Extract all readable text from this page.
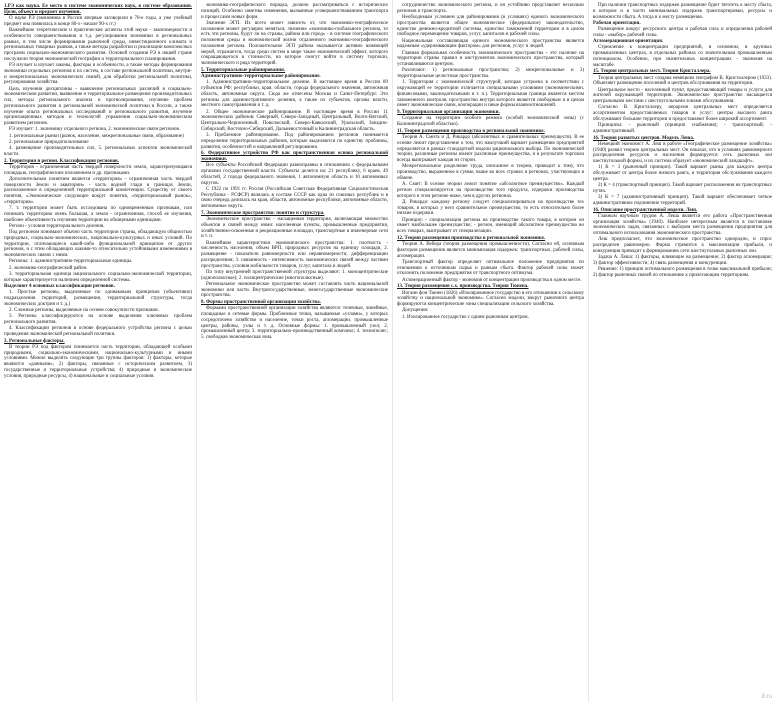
1.РЭ как наука. Ее место в системе экономических наук, в системе образования. Цели, объект и предмет изучения.
О науке РЭ (экономика в России впервые заговорили в 70-е годы, а уже учебный предмет она появилась в конце 80-х- начале 90-х гг.)
Важнейшие теоретические и практические аспекты этой науки - закономерности и особенности совершенствования и т.д. регулирования экономики в региональных рамках, в том числе формирования рыночной среды, инвестиционного климата и региональных товарных рынков, а также методы разработки и реализации комплексных программ социально-экономического развития. Основой создания РЭ в нашей стране послужили теория экономической географии и территориального планирования.
РЭ изучает и изучает законы, факторы и особенности, а также методы формирования экономики отдельных регионов и их систем, в составе региональной политики, внутри- и межрегиональных экономических связей, для обработки региональной политики, регулирования хозяйства.
Цель изучения дисциплины - выявление региональных различий в социально-экономическом развитии, выявление и территориальное размещение производительных сил, методы регионального анализа и прогнозирования, изучение проблем регионального развития и региональной экономической политики в России, а также изучение опыта региональных исследований и регионального развития, изучение организационных методов и технологий управления социально-экономическим развитием регионов.
РЭ изучает: 1. экономику отдельного региона, 2. экономические связи регионов.
1. региональные рынки (рынок, население, межрегиональные связи, образование)
2. региональное природопользование
4. размещение производительных сил, 5. региональных аспектов экономической власти.
2. Территория и регион. Классификация регионов.
Территория - ограниченная часть твердой поверхности земли, характеризующаяся площадью, географическим положением и др. признаками.
Дополнительным понятием является «территория» - ограниченная часть твердой поверхности Земли и акватории» - часть водной глади в границах Земли, расположенное в определенной территориальной компетенции. Существу от своего понятия, «Экономическое следующее вокруг понятия, «территориальный рынок», «территория».
7. т. территория может быть исследована по одновременным признакам, или понимать территорию очень большая, а земля - ограниченная, способ ее изучения, наиболее объективность изучения территории на обширными единицами.
Регион - условия территориального деления.
Под регионом понимают обычно часть территории страны, обладающую общностью природных, социально-экономических, национально-культурных и иных условий. По территории, отличающиеся какой-либо функциональной принципом от других регионов, и с этим обладающих какими-то относительно устойчивыми изменениями в экономических связях с ними.
Регионы: 1. административно-территориальные единицы.
2. экономико-географический район.
3. территориальная единица национального социально-экономической территории, которые характеризуется наличием определенной системы.
Выделяют 4 основных классификации регионов.
1. Простые регионы, выделяемые по одинаковым принципам (объективно) подразделения территорий, размещения, территориальной структуры, тогда экономических доктрин и т. д.)
2. Сложные регионы, выделяемые на основе совокупности признаков.
3. Регионы классифицируются на основе выделения ключевых проблем регионального развития.
4. Классификации регионов в основе федерального устройства региона с целью проведения экономической региональной политики.
3. Региональные факторы.
В теории РЭ под фактором понимается часть территории, обладающей особыми природными, социально-экономическими, национально-культурными и иными условиями. Можно выделить следующие три группы факторов: 1) факторы, которые являются «данными», 2) факторы, связанные с историческим развитием, 3) государственные и территориальные устройства; 4) природные и экономические условия, природные ресурсы, 4) национальные и социальные условия.
экономико-географического порядка, должно рассматриваться с исторических позиций. Особенно заметны изменения, вызванные усовершенствованием транспорта и процессами новых форм.
Значение ЭГП. Их всего может зависеть от, что экономико-географическое положение может регулярно меняться, значение «экономико-глобального региона, то есть эти регионы, будут ли на страны, района или город» - в системе географического положения среды и экономической жизни отдаленного экономико-географического положения региона. Положительное ЭГП района оказывается активно влияющей мерой, отражается, тогда среди систем в мире также экономический эффект, которого сокращающегося в стоимости, на которое смогут войти в систему торговли, экономического и ряда территорий.
5. Территориальные районирования.
Административно-территориальное районирование.
1. Административно-территориальное деление. В настоящее время в России 89 субъектов РФ: республики, края, области, города федерального значения, автономная область, автономные округа. Сюда же отнесены Москва и Санкт-Петербург. Это регионы для административного деления, а также их субъектов, органы власти, местного самоуправления и т. д.
2. Общее экономическое районирование. В настоящее время в России 11 экономических районов: Северный, Северо-Западный, Центральный, Волго-Вятский, Центрально-Черноземный, Поволжский, Северо-Кавказский, Уральский, Западно-Сибирский, Восточно-Сибирский, Дальневосточный и Калининградская область.
3. Проблемное районирование. Под районированием регионов понимается определение территориальных районов, которые выделяются по единству проблемы, развития, особенностей и направлений регулирования.
6. Федеративное устройство РФ как пространственная основа региональной экономики.
Все субъекты Российской Федерации равноправны в отношениях с федеральными органами государственной власти. Субъекты делятся на: 21 республику, 6 краев, 49 областей, 2 города федерального значения, 1 автономную область и 10 автономных округов.
С 1922 по 1991 гг. Россия (Российская Советская Федеративная Социалистическая Республика - РСФСР) являлась в составе СССР как одна из союзных республик и в свою очередь делилась на края, области, автономные республики, автономные области, автономные округа.
7. Экономическое пространство: понятие и структура.
Экономическое пространство - насыщенная территория, включающая множество объектов и связей между ними: населенные пункты, промышленные предприятия, хозяйственно-освоенные и рекреационные площади, транспортные и инженерные сети и т. п.
Важнейшие характеристики экономического пространства: 1. плотность - численность населения, объем ВРП, природных ресурсов на единицу площади, 2. размещение - показатели равномерности или неравномерности, дифференциации распределения; 3. связанность - интенсивность экономических связей между частями пространства, условия мобильности товаров, услуг, капитала и людей.
По типу внутренней пространственной структуры выделяют: 1. моноцентрические (однополюсные); 2. полицентрические (многополюсные).
Региональное экономическое пространство может составлять часть национальной экономики или части. Внутригосударственные, межгосударственные экономические пространства.
8. Формы пространственной организации хозяйства.
Формами пространственной организации хозяйства являются: точечные, линейные, площадные и сетевые формы. Проблемные точки, называемые «узлами», у которых сосредоточено хозяйство и население, точки роста, агломерации, промышленные центры, районы, узлы и т. д. Основные формы: 1. промышленный узел; 2. промышленный центр; 3. территориально-производственный комплекс; 4. технополис; 5. свободная экономическая зона.
сотрудничество экономического региона, и он устойчиво представляет несколько регионов и транспорта.
Необходимым условием для районирования (в условиях) единого экономического пространства является общее экономическое (федеральное) законодательство, единство денежно-кредитной системы, единство таможенной территории и в целом свободное перемещение товаров, услуг, капиталов и рабочей силы.
Национальная составляющая единого экономического пространства является надежным «удерживающим фактором» для регионов, услуг и людей.
Главная формальная особенность экономического пространства - это наличие на территории страны правил и инструментов экономического пространства, который устанавливаются центром.
Различают: 1) региональные пространства; 2) межрегиональные и 3) территориальные целостные пространства.
1. Территория с экономической структурой, которая устроена в соответствии с окружающей ее территории отличается специальными условиями (экономическими, финансовыми, законодательными и т. п.). Территориальная граница является местом таможенного контроля, пространство внутри которого является свободным и в целом имеет экономические связи, кооперации и иные формы взаимоотношений.
9. Территориальная организация экономики.
Создание на территории особого режима (особой экономической зоны) (с Калининградской областью).
11. Теория размещения производства в региональной экономике.
Теория А. Смита и Д. Рикардо (абсолютных и сравнительных преимуществ). В ее основе лежит представление о том, что наилучший вариант размещения предприятий определяется в рамках стандартной модели рационального выбора. По экономической теории, различные регионы имеют различные преимущества, и в результате торговли всегда выигрывает каждая из сторон.
Межрегиональное разделение труда, описанное в теории, приводит к тому, что производство, выраженное в сумме, выше во всех странах и регионах, участвующих в обмене.
А. Смит: В основе теории лежит понятие «абсолютное преимущество». Каждый регион специализируется на производстве того продукта, издержки производства которого в этом регионе ниже, чем в других регионах.
Д. Рикардо: каждому региону следует специализироваться на производстве тех товаров, в которых у него сравнительное преимущество, то есть относительно более низкие издержки.
Принцип: - специализация региона на производстве такого товара, в котором он имеет наибольшее преимущество; - регион, имеющий абсолютное преимущество во всех товарах, выигрывает от специализации.
12. Теории размещения производства в региональной экономике.
Теория А. Вебера (теория размещения промышленности). Согласно ей, основным фактором размещения является минимизация издержек: транспортных, рабочей силы, агломерации.
Транспортный фактор определяет оптимальное положение предприятия по отношению к источникам сырья и рынкам сбыта. Фактор рабочей силы может отклонить положение предприятия от транспортного оптимума.
Агломерационный фактор - экономия от концентрации производства в одном месте.
13. Теория размещения с.х. производства. Теория Тюнена.
Иоганн фон Тюнен (1826) «Изолированное государство в его отношении к сельскому хозяйству и национальной экономике». Согласно модели, вокруг рыночного центра формируются концентрические зоны специализации сельского хозяйства.
Допущения:
1. Изолированное государство с одним рыночным центром.
При наличии транспортных издержек размещение будет тяготеть к месту сбыта, в котором и в части минимальных издержек транспортировки, ресурсы и возможности сбыта. А тогда и к месту размещения.
Рабочая ориентация.
Размещение вокруг ресурсного центра и рабочая сила и определения рабочей силы - «выбор» рабочей силы.
Агломерационная ориентация.
Стремление к концентрации предприятий, в основном, в крупных промышленных центрах, в отдельных районах со значительным промышленным потенциалом. Особенно, при значительных концентрациях - экономия на масштабе.
15. Теория центральных мест. Теория Кристаллера.
Теория центральных мест создана немецким географом В. Кристаллером (1933). Объясняет размещение поселений и центров обслуживания на территории.
Центральное место - населенный пункт, предоставляющий товары и услуги для жителей окружающей территории. Экономическое пространство насыщается центральными местами с шестиугольными зонами обслуживания.
Согласно В. Кристаллеру, иерархия центральных мест определяется ассортиментом предоставляемых товаров и услуг: центры высшего ранга обслуживают большие территории и предоставляют более широкий ассортимент.
Принципы: - рыночный (принцип снабжения); - транспортный; - административный.
16. Теория развитых центров. Модель Леша.
Немецкий экономист А. Леш в работе «Географическое размещение хозяйства» (1940) развил теорию центральных мест. Он показал, что в условиях равномерного распределения ресурсов и населения формируется сеть рыночных зон шестиугольной формы, и их система образует «экономический ландшафт».
1) К = 3 (рыночный принцип). Такой вариант рынка для каждого центра обслуживает от центра более низкого ранга, и территория обслуживания каждого центра.
2) К = 4 (транспортный принцип). Такой вариант расположения на транспортных путях.
3) К = 7 (административный принцип). Такой вариант обеспечивает четкое административное подчинение территорий.
16. Описание пространственной модели. Леш.
Главным научным трудом А. Леша является его работа «Пространственная организация хозяйства» (1940). Наиболее интересным является в постановке экономических задач, связанных с выбором места размещения предприятия для оптимального использования экономического пространства.
Леш предполагает, что экономическое пространство однородно, и спрос распределен равномерно. Фирма стремится к максимизации прибыли, и конкуренция приводит к формированию сети шестиугольных рыночных зон.
Задача А. Леша: 1) факторы, влияющие на размещение; 2) фактор агломерации; 3) фактор эффективности; 4) связь размещения и конкуренции.
Решение: 1) принцип оптимального размещения в точке максимальной прибыли; 2) фактор рыночных связей по отношению к прилегающим территориям.
8.ru
